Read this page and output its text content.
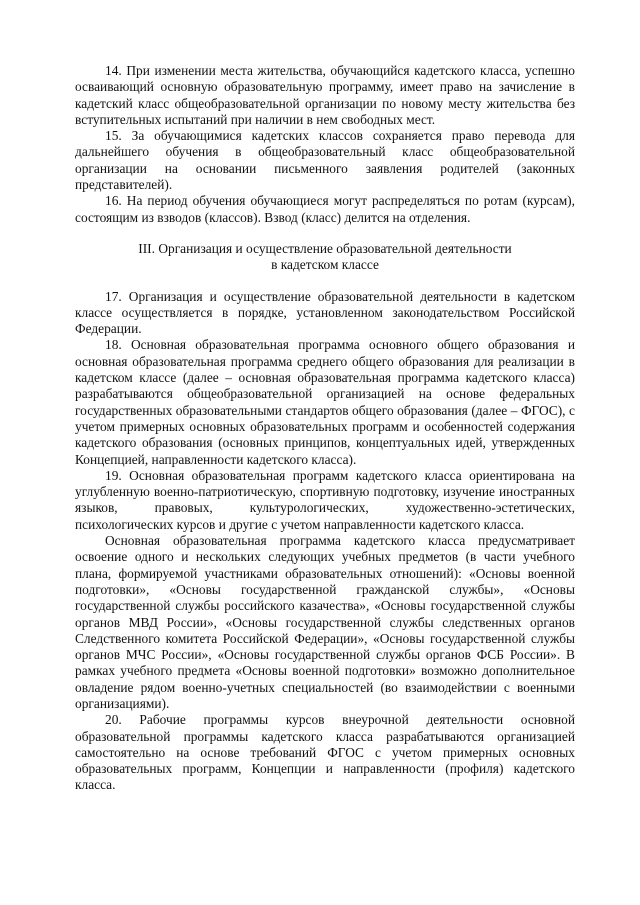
14. При изменении места жительства, обучающийся кадетского класса, успешно осваивающий основную образовательную программу, имеет право на зачисление в кадетский класс общеобразовательной организации по новому месту жительства без вступительных испытаний при наличии в нем свободных мест.

15. За обучающимися кадетских классов сохраняется право перевода для дальнейшего обучения в общеобразовательный класс общеобразовательной организации на основании письменного заявления родителей (законных представителей).

16. На период обучения обучающиеся могут распределяться по ротам (курсам), состоящим из взводов (классов). Взвод (класс) делится на отделения.

III. Организация и осуществление образовательной деятельности
в кадетском классе

17. Организация и осуществление образовательной деятельности в кадетском классе осуществляется в порядке, установленном законодательством Российской Федерации.

18. Основная образовательная программа основного общего образования и основная образовательная программа среднего общего образования для реализации в кадетском классе (далее – основная образовательная программа кадетского класса) разрабатываются общеобразовательной организацией на основе федеральных государственных образовательными стандартов общего образования (далее – ФГОС), с учетом примерных основных образовательных программ и особенностей содержания кадетского образования (основных принципов, концептуальных идей, утвержденных Концепцией, направленности кадетского класса).

19. Основная образовательная программ кадетского класса ориентирована на углубленную военно-патриотическую, спортивную подготовку, изучение иностранных языков, правовых, культурологических, художественно-эстетических, психологических курсов и другие с учетом направленности кадетского класса.

Основная образовательная программа кадетского класса предусматривает освоение одного и нескольких следующих учебных предметов (в части учебного плана, формируемой участниками образовательных отношений): «Основы военной подготовки», «Основы государственной гражданской службы», «Основы государственной службы российского казачества», «Основы государственной службы органов МВД России», «Основы государственной службы следственных органов Следственного комитета Российской Федерации», «Основы государственной службы органов МЧС России», «Основы государственной службы органов ФСБ России». В рамках учебного предмета «Основы военной подготовки» возможно дополнительное овладение рядом военно-учетных специальностей (во взаимодействии с военными организациями).

20. Рабочие программы курсов внеурочной деятельности основной образовательной программы кадетского класса разрабатываются организацией самостоятельно на основе требований ФГОС с учетом примерных основных образовательных программ, Концепции и направленности (профиля) кадетского класса.
